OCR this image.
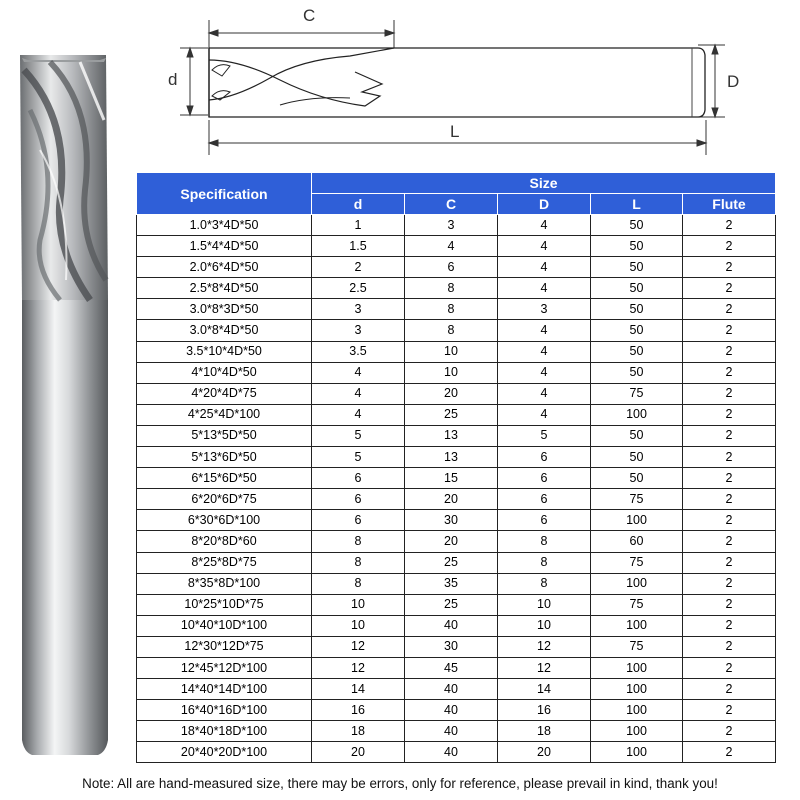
C
d	D
L
Specification	Size				
	d	C	D	L	Flute
1.0*3*4D*50	1	3	4	50	2
1.5*4*4D*50	1.5	4	4	50	2
2.0*6*4D*50	2	6	4	50	2
2.5*8*4D*50	2.5	8	4	50	2
3.0*8*3D*50	3	8	3	50	2
3.0*8*4D*50	3	8	4	50	2
3.5*10*4D*50	3.5	10	4	50	2
4*10*4D*50	4	10	4	50	2
4*20*4D*75	4	20	4	75	2
4*25*4D*100	4	25	4	100	2
5*13*5D*50	5	13	5	50	2
5*13*6D*50	5	13	6	50	2
6*15*6D*50	6	15	6	50	2
6*20*6D*75	6	20	6	75	2
6*30*6D*100	6	30	6	100	2
8*20*8D*60	8	20	8	60	2
8*25*8D*75	8	25	8	75	2
8*35*8D*100	8	35	8	100	2
10*25*10D*75	10	25	10	75	2
10*40*10D*100	10	40	10	100	2
12*30*12D*75	12	30	12	75	2
12*45*12D*100	12	45	12	100	2
14*40*14D*100	14	40	14	100	2
16*40*16D*100	16	40	16	100	2
18*40*18D*100	18	40	18	100	2
20*40*20D*100	20	40	20	100	2
Note: All are hand-measured size, there may be errors, only for reference, please prevail in kind, thank you!
